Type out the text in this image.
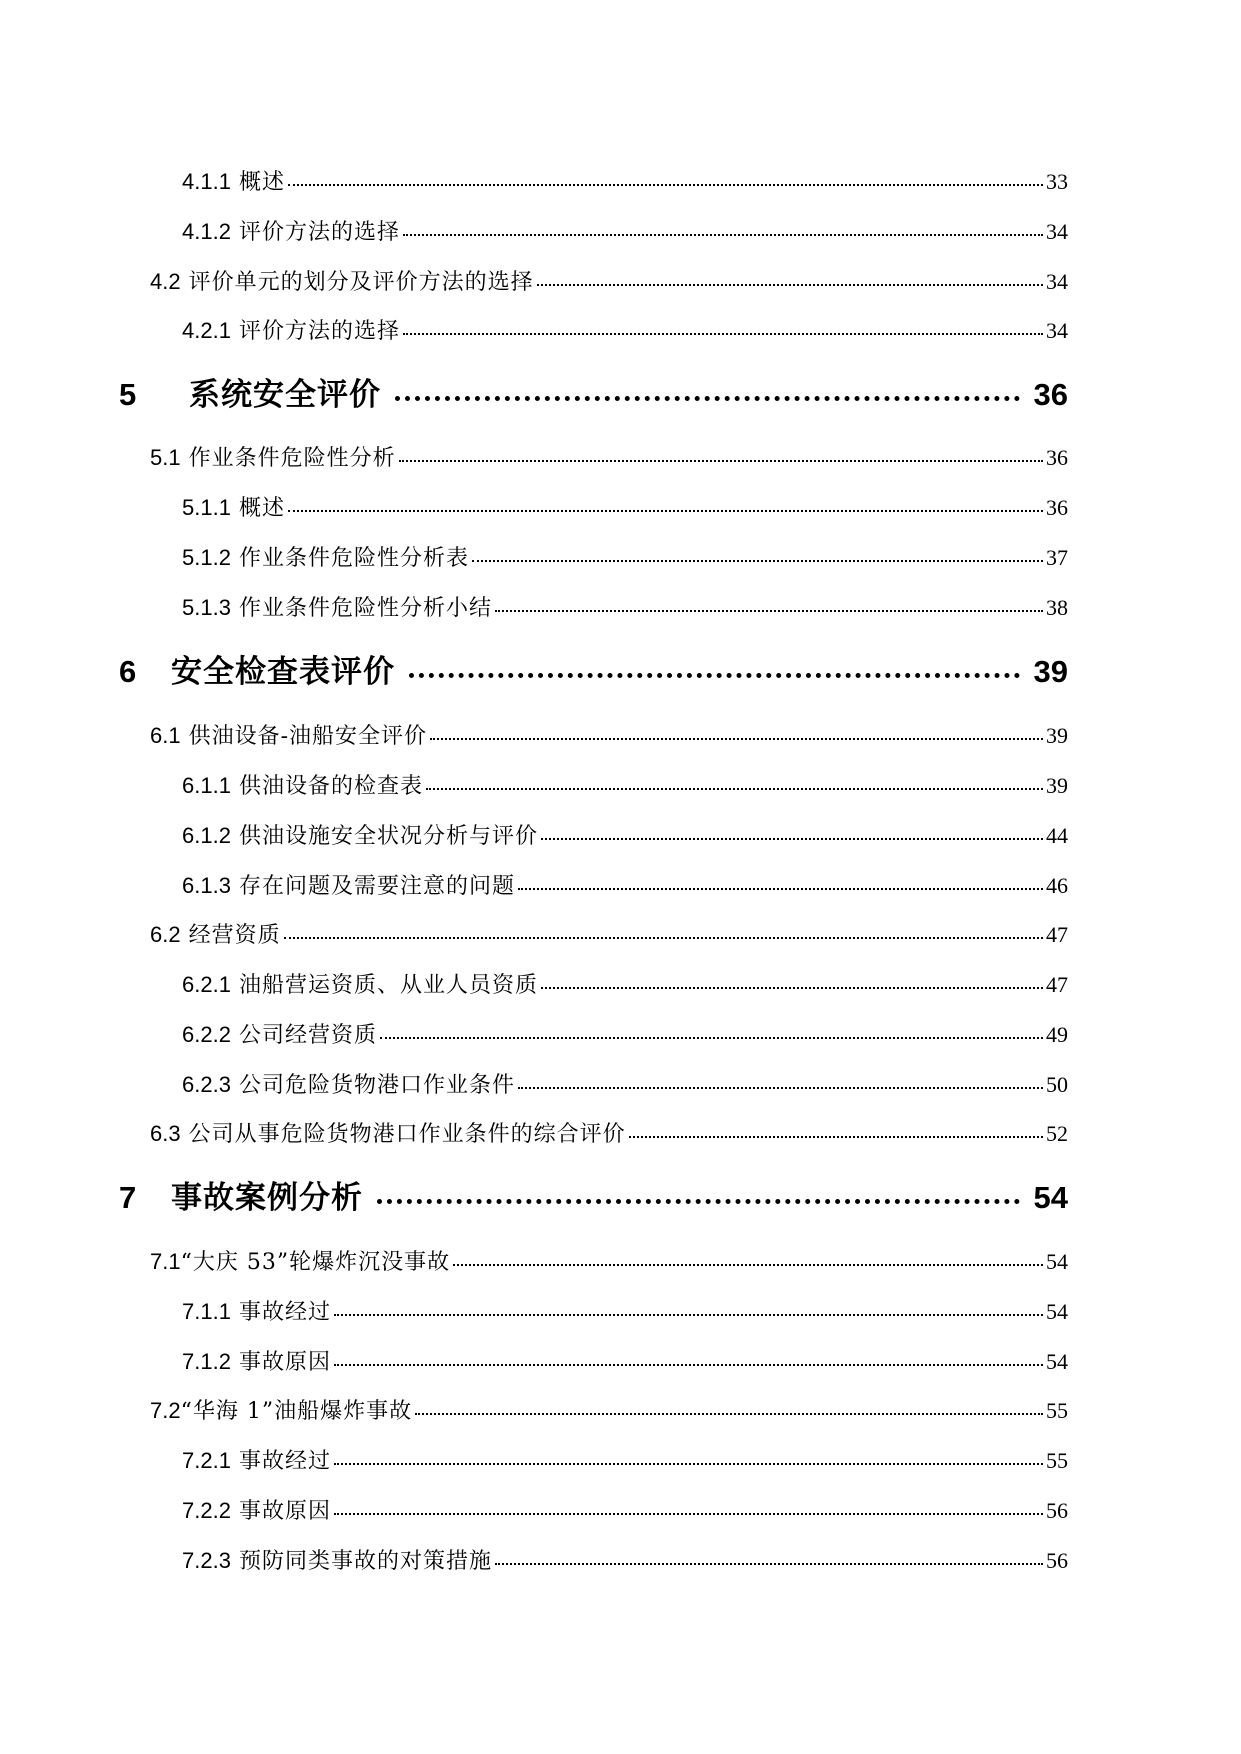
4.1.1 概述	33
4.1.2 评价方法的选择	34
4.2 评价单元的划分及评价方法的选择	34
4.2.1 评价方法的选择	34
5	系统安全评价	36
5.1 作业条件危险性分析	36
5.1.1 概述	36
5.1.2 作业条件危险性分析表	37
5.1.3 作业条件危险性分析小结	38
6	安全检查表评价	39
6.1 供油设备-油船安全评价	39
6.1.1 供油设备的检查表	39
6.1.2 供油设施安全状况分析与评价	44
6.1.3 存在问题及需要注意的问题	46
6.2 经营资质	47
6.2.1 油船营运资质、从业人员资质	47
6.2.2 公司经营资质	49
6.2.3 公司危险货物港口作业条件	50
6.3 公司从事危险货物港口作业条件的综合评价	52
7	事故案例分析	54
7.1 “大庆 53”轮爆炸沉没事故	54
7.1.1 事故经过	54
7.1.2 事故原因	54
7.2 “华海 1”油船爆炸事故	55
7.2.1 事故经过	55
7.2.2 事故原因	56
7.2.3 预防同类事故的对策措施	56
